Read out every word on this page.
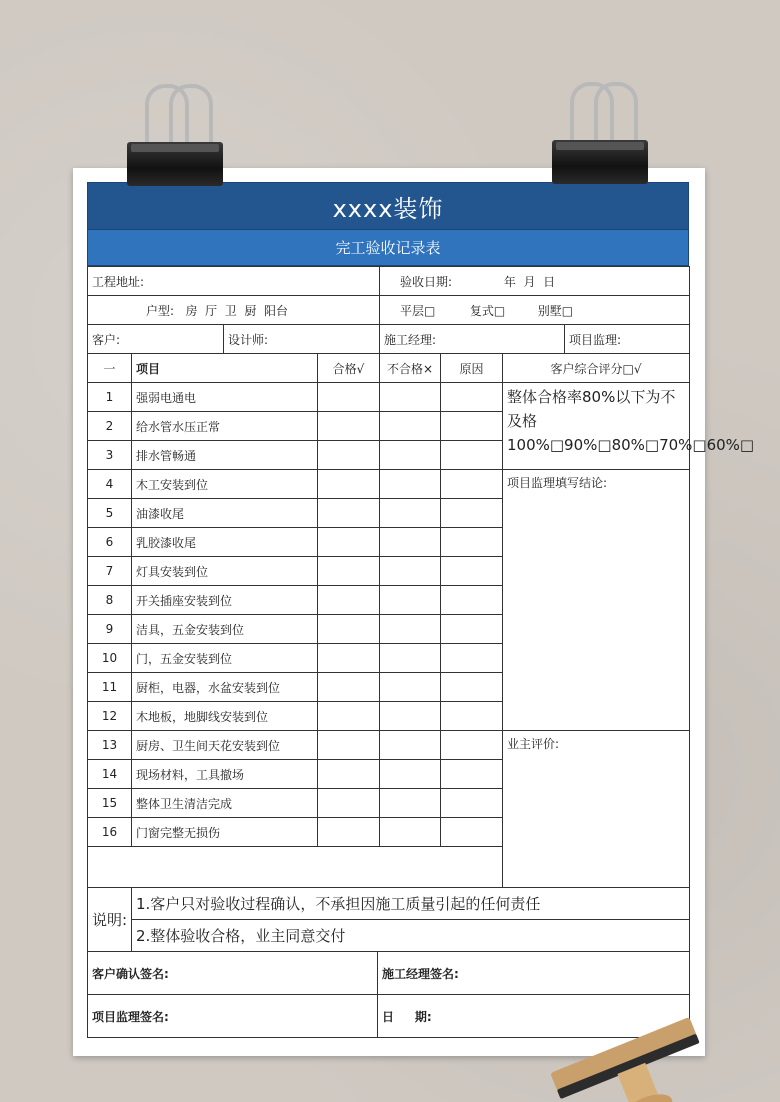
xxxx装饰
完工验收记录表
工程地址:		验收日期: 年  月  日	
户型:   房  厅  卫  厨  阳台		平层□ 复式□ 别墅□	
客户:	设计师:	施工经理:	项目监理:
一	项目	合格√	不合格×	原因	客户综合评分□√
1	强弱电通电				整体合格率80%以下为不及格100%□90%□80%□70%□60%□
2	给水管水压正常				
3	排水管畅通				
4	木工安装到位				项目监理填写结论:
5	油漆收尾				
6	乳胶漆收尾				
7	灯具安装到位				
8	开关插座安装到位				
9	洁具，五金安装到位				
10	门，五金安装到位				
11	厨柜，电器，水盆安装到位				
12	木地板，地脚线安装到位				
13	厨房、卫生间天花安装到位				业主评价:
14	现场材料，工具撤场				
15	整体卫生清洁完成				
16	门窗完整无损伤				

说明:	1.客户只对验收过程确认，不承担因施工质量引起的任何责任
2.整体验收合格，业主同意交付
客户确认签名:	施工经理签名:
项目监理签名:	日     期:
